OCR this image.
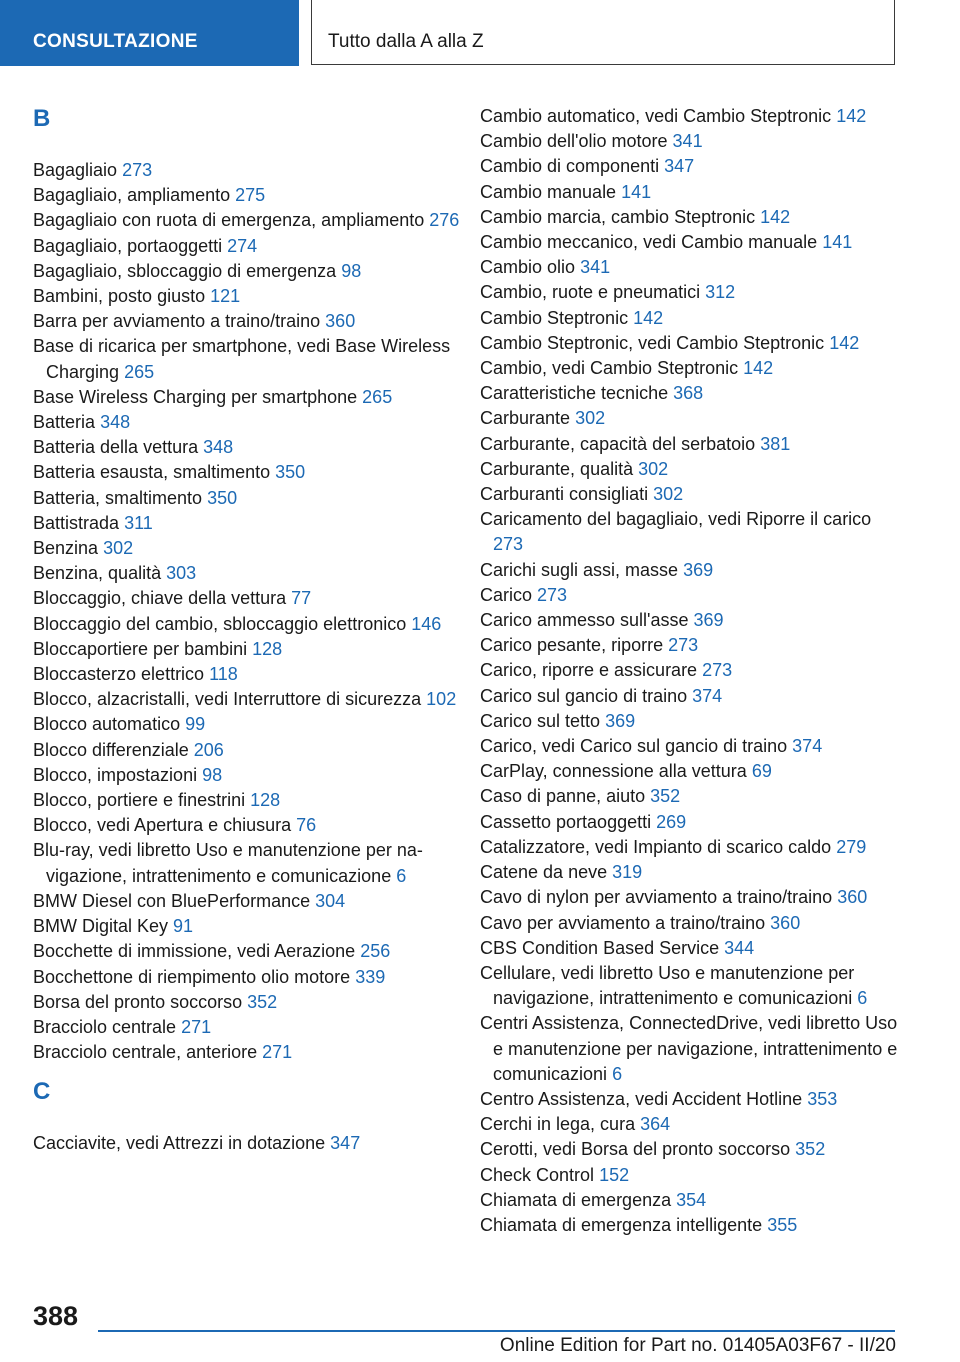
CONSULTAZIONE	Tutto dalla A alla Z
B
Bagagliaio 273
Bagagliaio, ampliamento 275
Bagagliaio con ruota di emergenza, ampliamento 276
Bagagliaio, portaoggetti 274
Bagagliaio, sbloccaggio di emergenza 98
Bambini, posto giusto 121
Barra per avviamento a traino/traino 360
Base di ricarica per smartphone, vedi Base Wireless Charging 265
Base Wireless Charging per smartphone 265
Batteria 348
Batteria della vettura 348
Batteria esausta, smaltimento 350
Batteria, smaltimento 350
Battistrada 311
Benzina 302
Benzina, qualità 303
Bloccaggio, chiave della vettura 77
Bloccaggio del cambio, sbloccaggio elettronico 146
Bloccaportiere per bambini 128
Bloccasterzo elettrico 118
Blocco, alzacristalli, vedi Interruttore di sicurezza 102
Blocco automatico 99
Blocco differenziale 206
Blocco, impostazioni 98
Blocco, portiere e finestrini 128
Blocco, vedi Apertura e chiusura 76
Blu-ray, vedi libretto Uso e manutenzione per navigazione, intrattenimento e comunicazione 6
BMW Diesel con BluePerformance 304
BMW Digital Key 91
Bocchette di immissione, vedi Aerazione 256
Bocchettone di riempimento olio motore 339
Borsa del pronto soccorso 352
Bracciolo centrale 271
Bracciolo centrale, anteriore 271
C
Cacciavite, vedi Attrezzi in dotazione 347
Cambio automatico, vedi Cambio Steptronic 142
Cambio dell'olio motore 341
Cambio di componenti 347
Cambio manuale 141
Cambio marcia, cambio Steptronic 142
Cambio meccanico, vedi Cambio manuale 141
Cambio olio 341
Cambio, ruote e pneumatici 312
Cambio Steptronic 142
Cambio Steptronic, vedi Cambio Steptronic 142
Cambio, vedi Cambio Steptronic 142
Caratteristiche tecniche 368
Carburante 302
Carburante, capacità del serbatoio 381
Carburante, qualità 302
Carburanti consigliati 302
Caricamento del bagagliaio, vedi Riporre il carico 273
Carichi sugli assi, masse 369
Carico 273
Carico ammesso sull'asse 369
Carico pesante, riporre 273
Carico, riporre e assicurare 273
Carico sul gancio di traino 374
Carico sul tetto 369
Carico, vedi Carico sul gancio di traino 374
CarPlay, connessione alla vettura 69
Caso di panne, aiuto 352
Cassetto portaoggetti 269
Catalizzatore, vedi Impianto di scarico caldo 279
Catene da neve 319
Cavo di nylon per avviamento a traino/traino 360
Cavo per avviamento a traino/traino 360
CBS Condition Based Service 344
Cellulare, vedi libretto Uso e manutenzione per navigazione, intrattenimento e comunicazioni 6
Centri Assistenza, ConnectedDrive, vedi libretto Uso e manutenzione per navigazione, intrattenimento e comunicazioni 6
Centro Assistenza, vedi Accident Hotline 353
Cerchi in lega, cura 364
Cerotti, vedi Borsa del pronto soccorso 352
Check Control 152
Chiamata di emergenza 354
Chiamata di emergenza intelligente 355
388
Online Edition for Part no. 01405A03F67 - II/20
